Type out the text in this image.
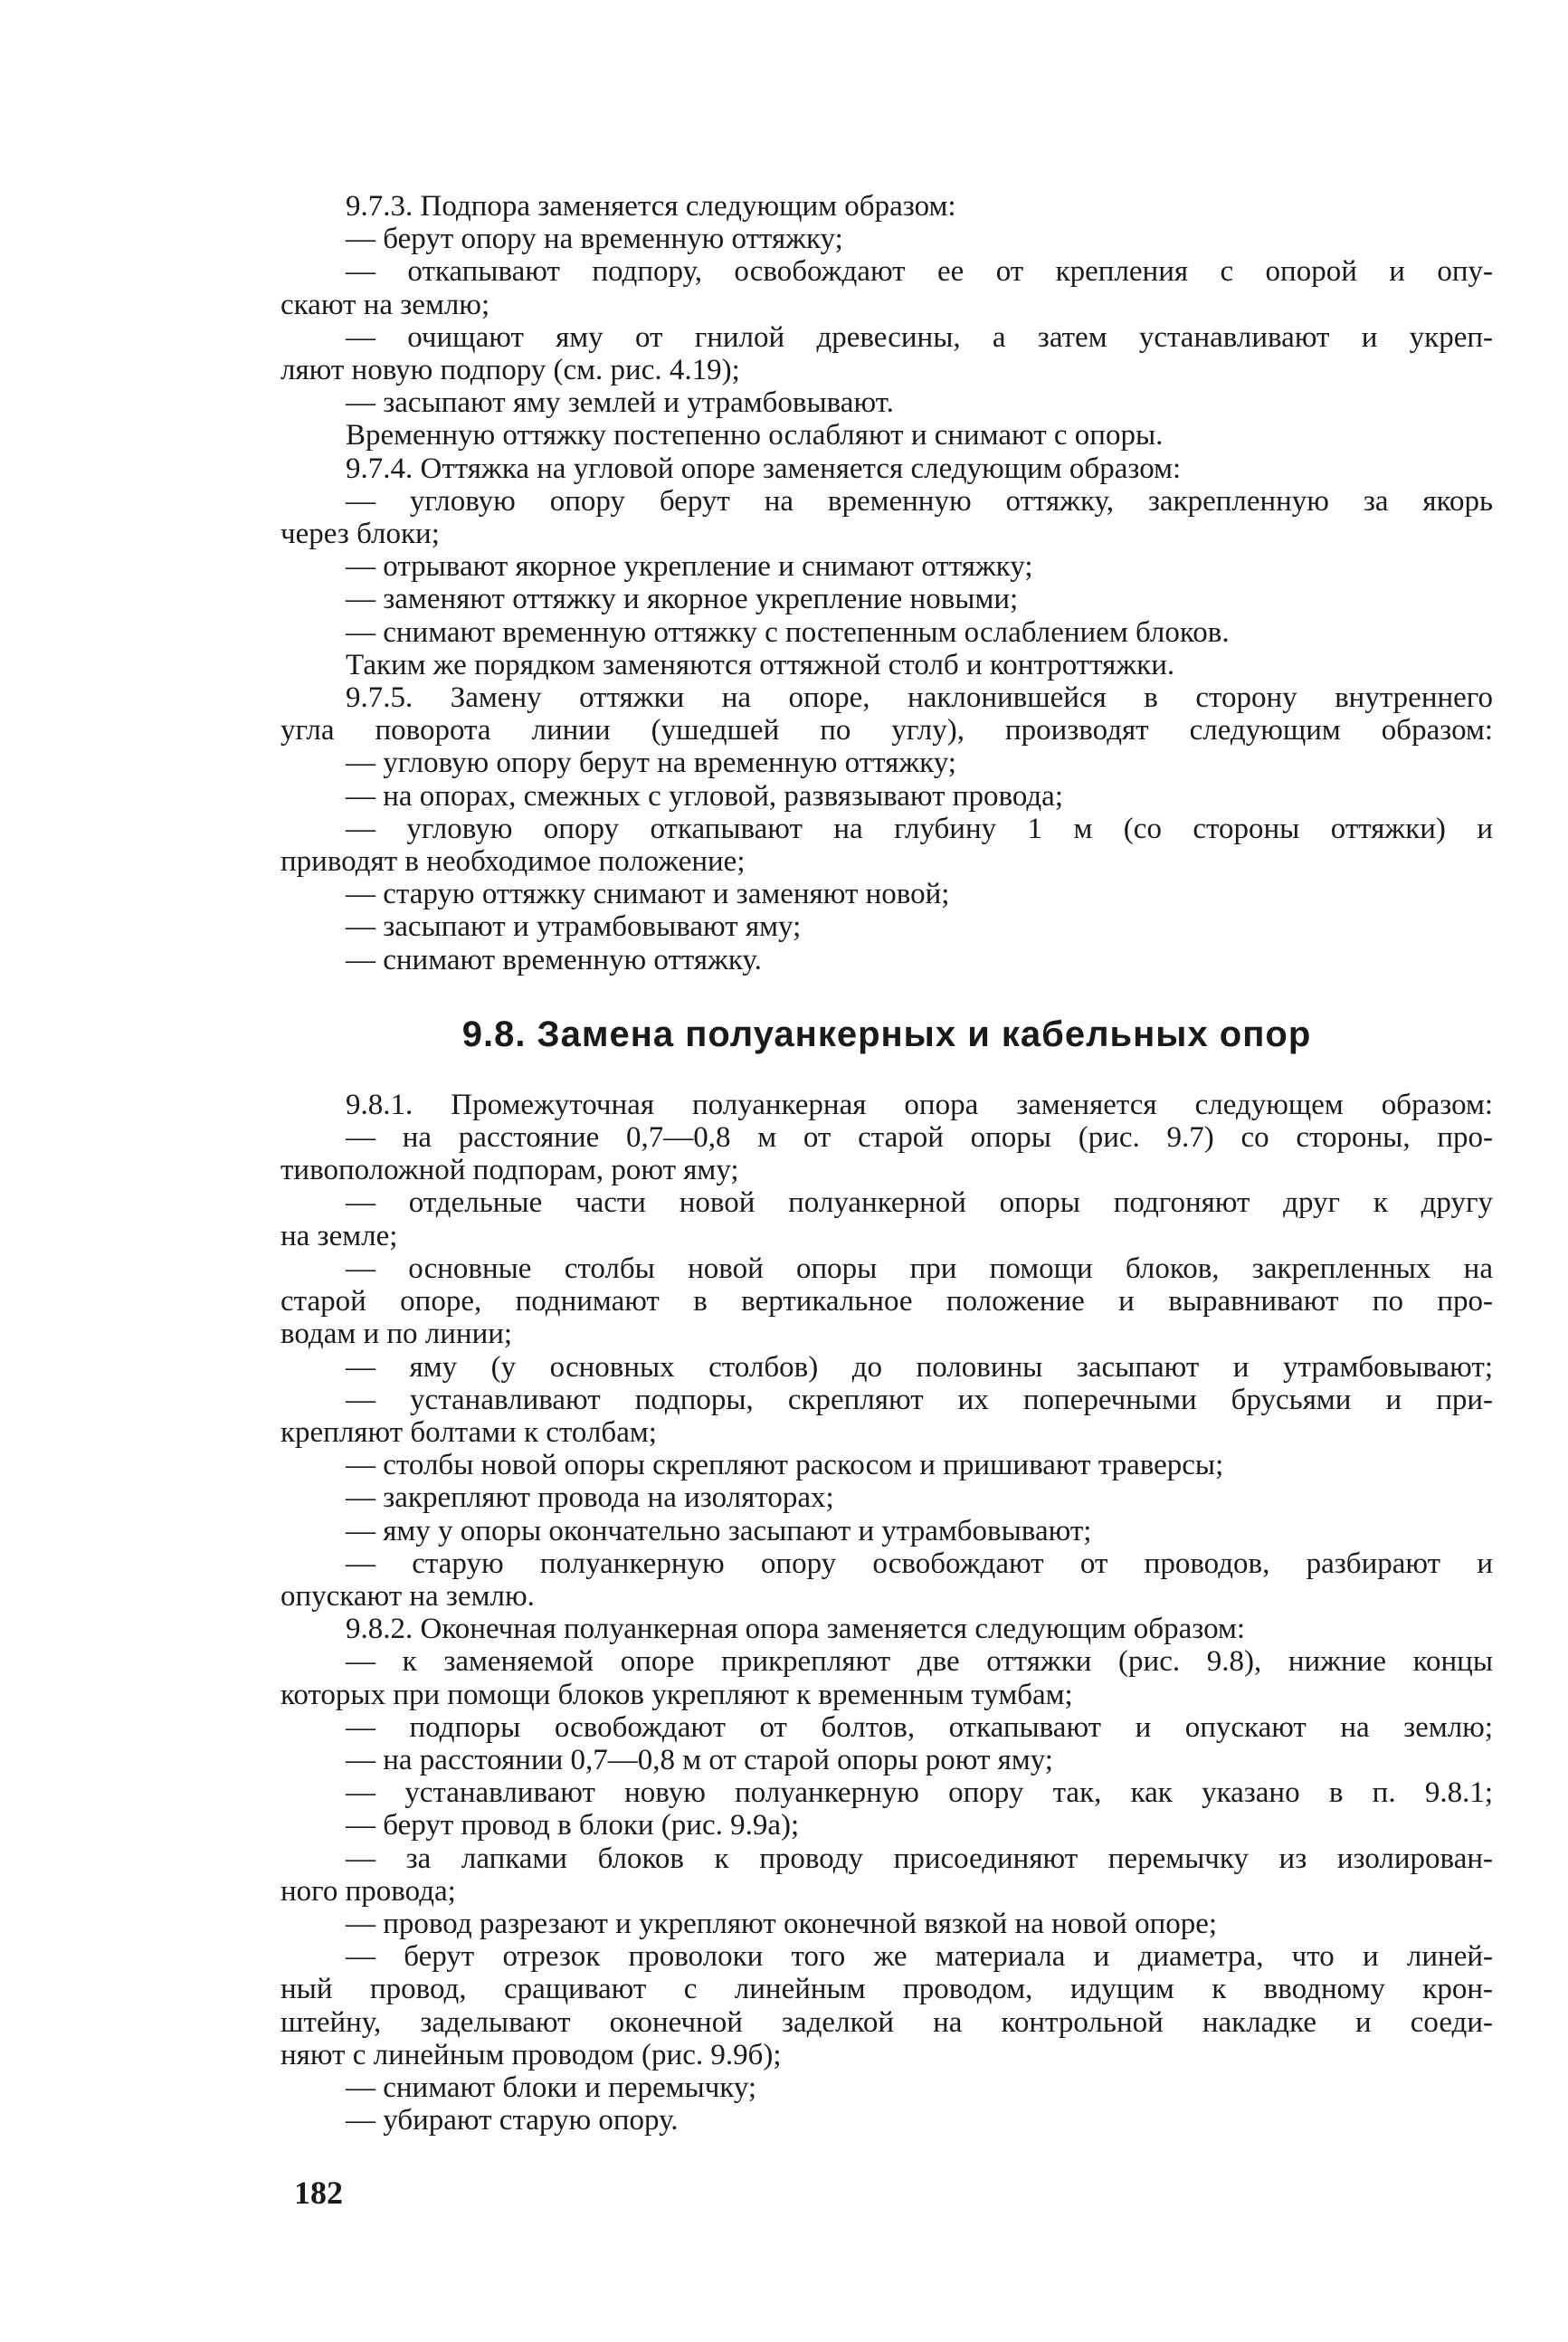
9.7.3. Подпора заменяется следующим образом:
— берут опору на временную оттяжку;
— откапывают подпору, освобождают ее от крепления с опорой и опу-
скают на землю;
— очищают яму от гнилой древесины, а затем устанавливают и укреп-
ляют новую подпору (см. рис. 4.19);
— засыпают яму землей и утрамбовывают.
Временную оттяжку постепенно ослабляют и снимают с опоры.
9.7.4. Оттяжка на угловой опоре заменяется следующим образом:
— угловую опору берут на временную оттяжку, закрепленную за якорь
через блоки;
— отрывают якорное укрепление и снимают оттяжку;
— заменяют оттяжку и якорное укрепление новыми;
— снимают временную оттяжку с постепенным ослаблением блоков.
Таким же порядком заменяются оттяжной столб и контроттяжки.
9.7.5. Замену оттяжки на опоре, наклонившейся в сторону внутреннего
угла поворота линии (ушедшей по углу), производят следующим образом:
— угловую опору берут на временную оттяжку;
— на опорах, смежных с угловой, развязывают провода;
— угловую опору откапывают на глубину 1 м (со стороны оттяжки) и
приводят в необходимое положение;
— старую оттяжку снимают и заменяют новой;
— засыпают и утрамбовывают яму;
— снимают временную оттяжку.
9.8. Замена полуанкерных и кабельных опор
9.8.1. Промежуточная полуанкерная опора заменяется следующем образом:
— на расстояние 0,7—0,8 м от старой опоры (рис. 9.7) со стороны, про-
тивоположной подпорам, роют яму;
— отдельные части новой полуанкерной опоры подгоняют друг к другу
на земле;
— основные столбы новой опоры при помощи блоков, закрепленных на
старой опоре, поднимают в вертикальное положение и выравнивают по про-
водам и по линии;
— яму (у основных столбов) до половины засыпают и утрамбовывают;
— устанавливают подпоры, скрепляют их поперечными брусьями и при-
крепляют болтами к столбам;
— столбы новой опоры скрепляют раскосом и пришивают траверсы;
— закрепляют провода на изоляторах;
— яму у опоры окончательно засыпают и утрамбовывают;
— старую полуанкерную опору освобождают от проводов, разбирают и
опускают на землю.
9.8.2. Оконечная полуанкерная опора заменяется следующим образом:
— к заменяемой опоре прикрепляют две оттяжки (рис. 9.8), нижние концы
которых при помощи блоков укрепляют к временным тумбам;
— подпоры освобождают от болтов, откапывают и опускают на землю;
— на расстоянии 0,7—0,8 м от старой опоры роют яму;
— устанавливают новую полуанкерную опору так, как указано в п. 9.8.1;
— берут провод в блоки (рис. 9.9а);
— за лапками блоков к проводу присоединяют перемычку из изолирован-
ного провода;
— провод разрезают и укрепляют оконечной вязкой на новой опоре;
— берут отрезок проволоки того же материала и диаметра, что и линей-
ный провод, сращивают с линейным проводом, идущим к вводному крон-
штейну, заделывают оконечной заделкой на контрольной накладке и соеди-
няют с линейным проводом (рис. 9.9б);
— снимают блоки и перемычку;
— убирают старую опору.
182
